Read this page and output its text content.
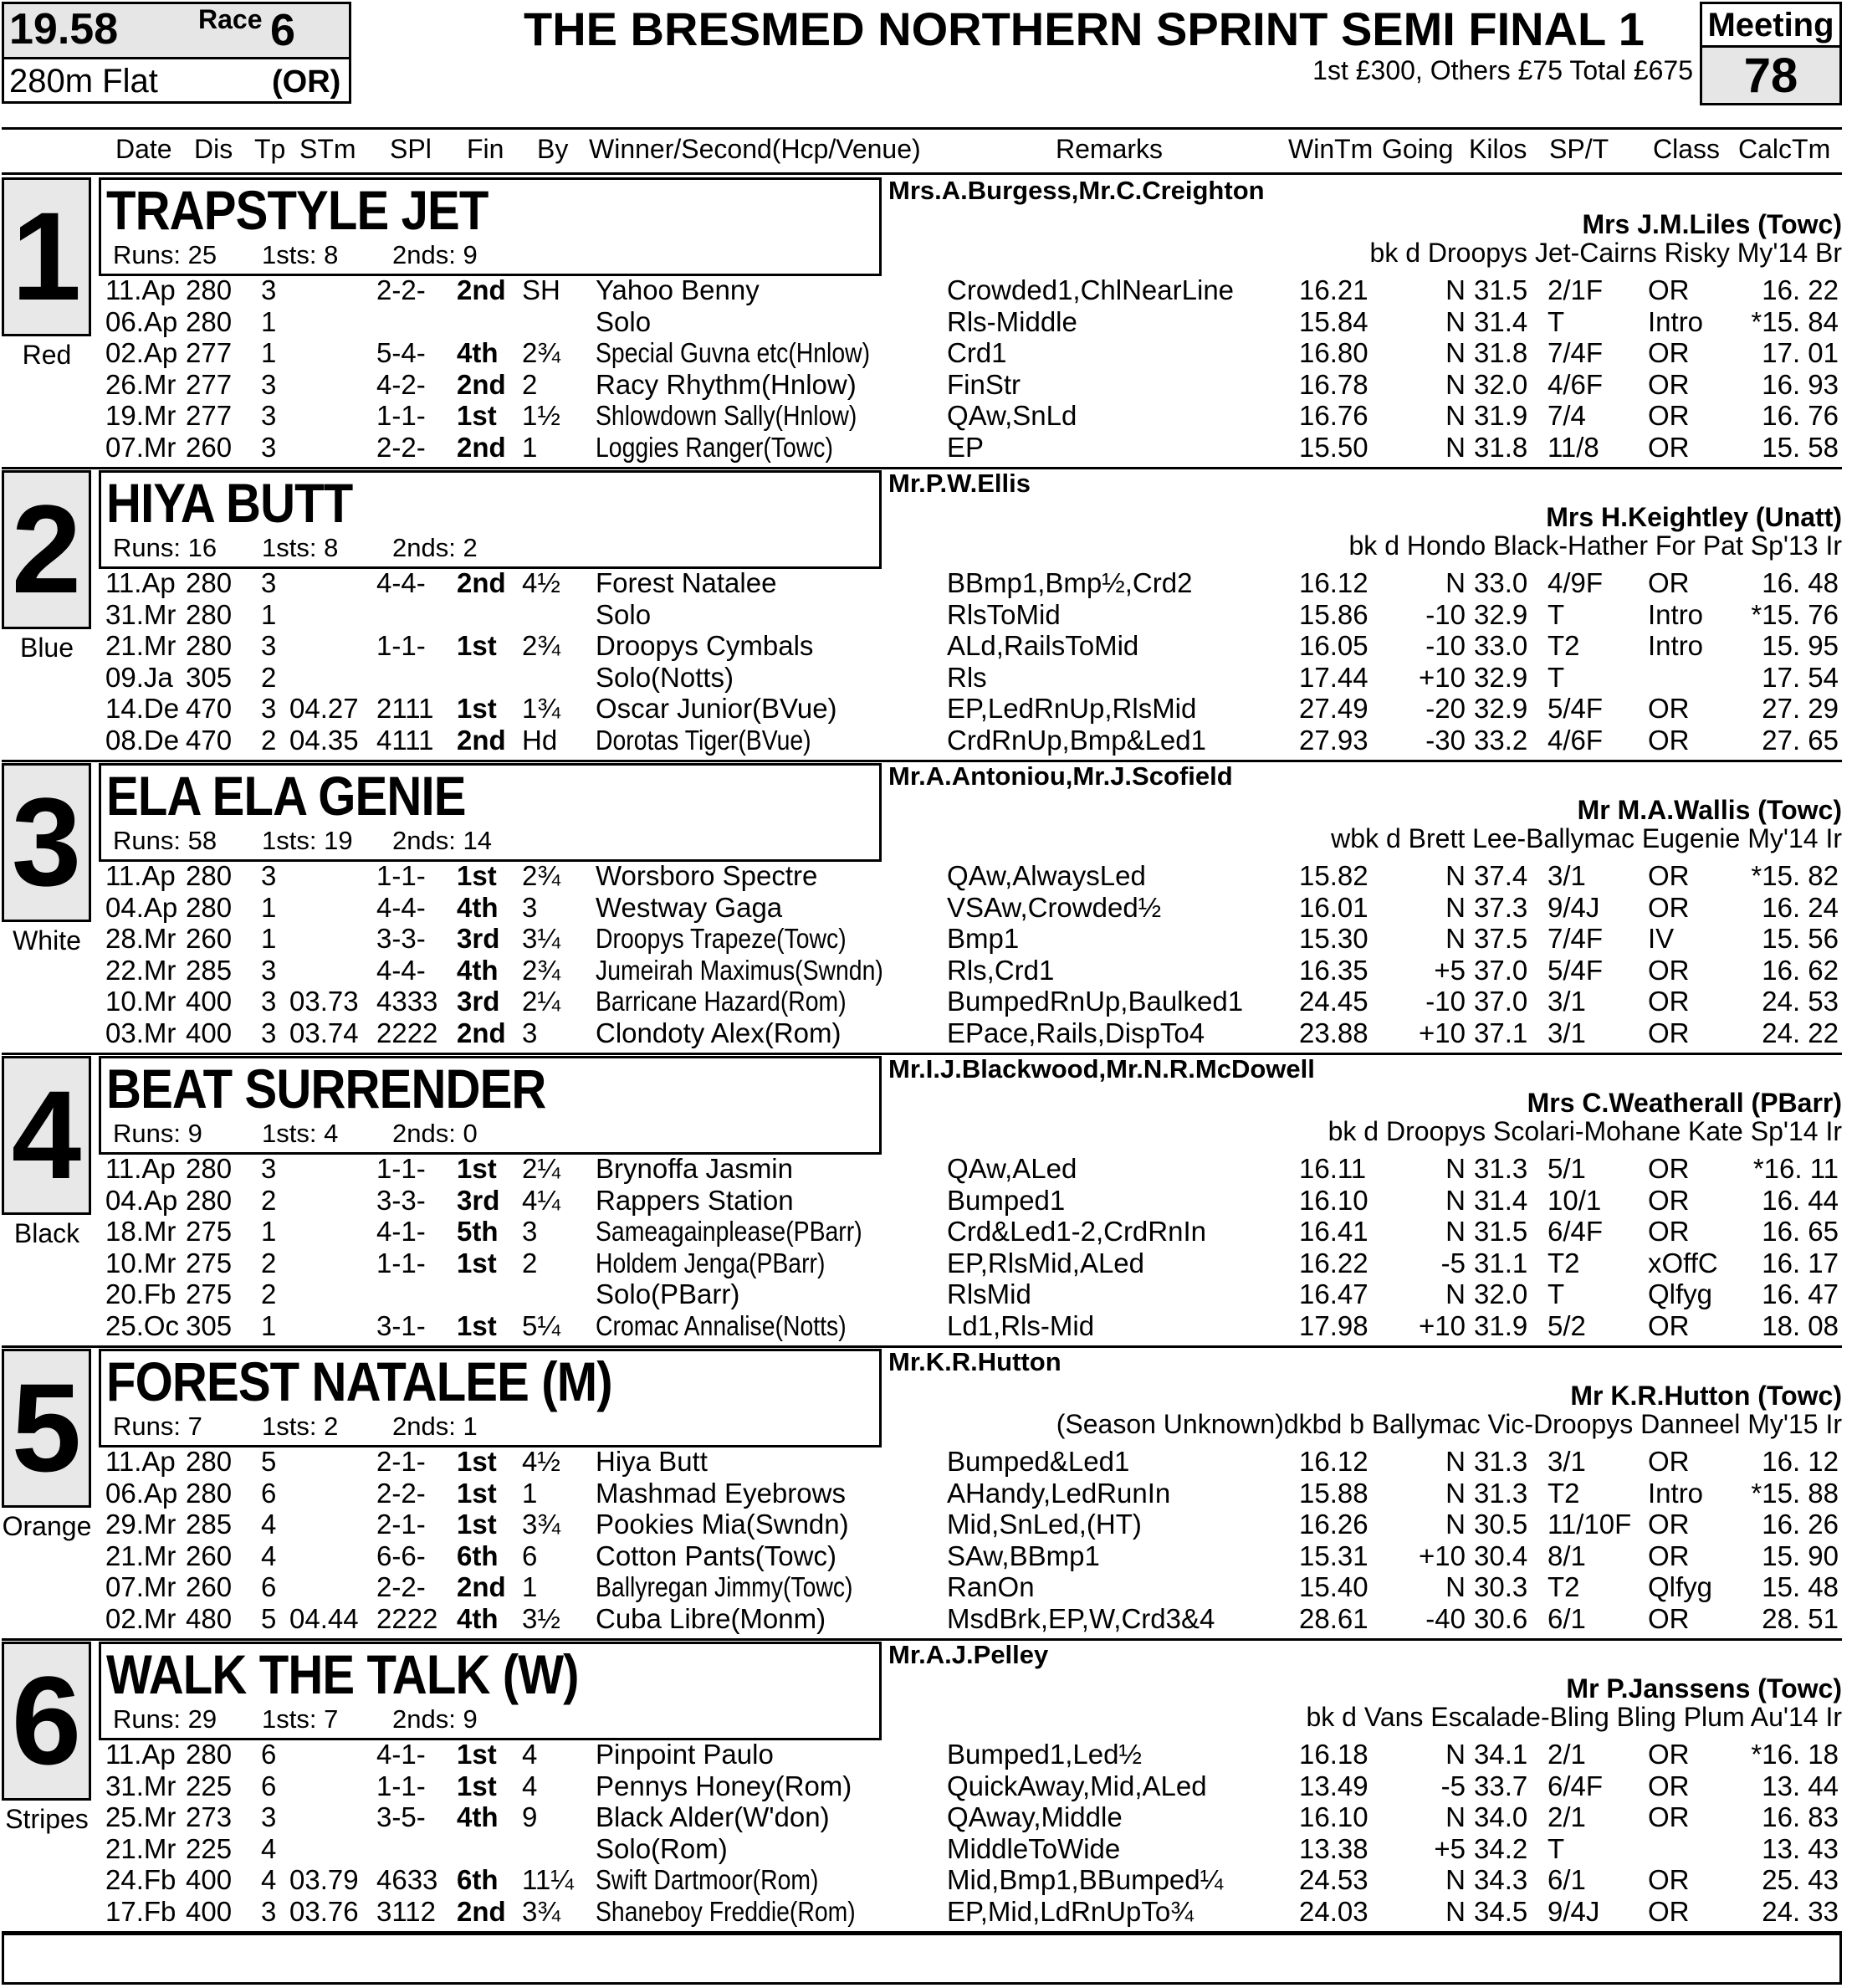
19.58	Race 6
280m Flat	(OR)
THE BRESMED NORTHERN SPRINT SEMI FINAL 1
1st £300, Others £75 Total £675
Meeting
78
Date Dis Tp STm SPl Fin By Winner/Second(Hcp/Venue)	Remarks	WinTm Going Kilos SP/T Class CalcTm
1
Red
TRAPSTYLE JET
Runs: 25 1sts: 8 2nds: 9
Mrs.A.Burgess,Mr.C.Creighton
Mrs J.M.Liles (Towc)
bk d Droopys Jet-Cairns Risky My'14 Br
11.Ap 280 3	2-2- 2nd SH Yahoo Benny	Crowded1,ChlNearLine 16.21	N 31.5 2/1F OR	16. 22
06.Ap 280 1	Solo	Rls-Middle	15.84	N 31.4 T	Intro *15. 84
02.Ap 277 1	5-4- 4th 2¾ Special Guvna etc(Hnlow)	Crd1	16.80	N 31.8 7/4F OR	17. 01
26.Mr 277 3	4-2- 2nd 2 Racy Rhythm(Hnlow)	FinStr	16.78	N 32.0 4/6F OR	16. 93
19.Mr 277 3	1-1- 1st 1½ Shlowdown Sally(Hnlow)	QAw,SnLd	16.76	N 31.9 7/4 OR	16. 76
07.Mr 260 3	2-2- 2nd 1 Loggies Ranger(Towc)	EP	15.50	N 31.8 11/8 OR	15. 58
2
Blue
HIYA BUTT
Runs: 16 1sts: 8 2nds: 2
Mr.P.W.Ellis
Mrs H.Keightley (Unatt)
bk d Hondo Black-Hather For Pat Sp'13 Ir
11.Ap 280 3	4-4- 2nd 4½ Forest Natalee	BBmp1,Bmp½,Crd2	16.12	N 33.0 4/9F OR	16. 48
31.Mr 280 1	Solo	RlsToMid	15.86	-10 32.9 T	Intro *15. 76
21.Mr 280 3	1-1- 1st 2¾ Droopys Cymbals	ALd,RailsToMid	16.05	-10 33.0 T2 Intro	15. 95
09.Ja 305 2	Solo(Notts)	Rls	17.44	+10 32.9 T	17. 54
14.De 470 3 04.27 2111 1st 1¾ Oscar Junior(BVue)	EP,LedRnUp,RlsMid	27.49	-20 32.9 5/4F OR	27. 29
08.De 470 2 04.35 4111 2nd Hd Dorotas Tiger(BVue)	CrdRnUp,Bmp&Led1	27.93	-30 33.2 4/6F OR	27. 65
3
White
ELA ELA GENIE
Runs: 58 1sts: 19 2nds: 14
Mr.A.Antoniou,Mr.J.Scofield
Mr M.A.Wallis (Towc)
wbk d Brett Lee-Ballymac Eugenie My'14 Ir
11.Ap 280 3	1-1- 1st 2¾ Worsboro Spectre	QAw,AlwaysLed	15.82	N 37.4 3/1 OR *15. 82
04.Ap 280 1	4-4- 4th 3 Westway Gaga	VSAw,Crowded½	16.01	N 37.3 9/4J OR	16. 24
28.Mr 260 1	3-3- 3rd 3¼ Droopys Trapeze(Towc)	Bmp1	15.30	N 37.5 7/4F IV	15. 56
22.Mr 285 3	4-4- 4th 2¾ Jumeirah Maximus(Swndn) Rls,Crd1	16.35	+5 37.0 5/4F OR	16. 62
10.Mr 400 3 03.73 4333 3rd 2¼ Barricane Hazard(Rom)	BumpedRnUp,Baulked1 24.45	-10 37.0 3/1 OR	24. 53
03.Mr 400 3 03.74 2222 2nd 3 Clondoty Alex(Rom)	EPace,Rails,DispTo4	23.88	+10 37.1 3/1 OR	24. 22
4
Black
BEAT SURRENDER
Runs: 9 1sts: 4 2nds: 0
Mr.I.J.Blackwood,Mr.N.R.McDowell
Mrs C.Weatherall (PBarr)
bk d Droopys Scolari-Mohane Kate Sp'14 Ir
11.Ap 280 3	1-1- 1st 2¼ Brynoffa Jasmin	QAw,ALed	16.11	N 31.3 5/1 OR *16. 11
04.Ap 280 2	3-3- 3rd 4¼ Rappers Station	Bumped1	16.10	N 31.4 10/1 OR	16. 44
18.Mr 275 1	4-1- 5th 3 Sameagainplease(PBarr)	Crd&Led1-2,CrdRnIn	16.41	N 31.5 6/4F OR	16. 65
10.Mr 275 2	1-1- 1st 2 Holdem Jenga(PBarr)	EP,RlsMid,ALed	16.22	-5 31.1 T2 xOffC	16. 17
20.Fb 275 2	Solo(PBarr)	RlsMid	16.47	N 32.0 T	Qlfyg	16. 47
25.Oc 305 1	3-1- 1st 5¼ Cromac Annalise(Notts)	Ld1,Rls-Mid	17.98	+10 31.9 5/2 OR	18. 08
5
Orange
FOREST NATALEE (M)
Runs: 7 1sts: 2 2nds: 1
Mr.K.R.Hutton
Mr K.R.Hutton (Towc)
(Season Unknown)dkbd b Ballymac Vic-Droopys Danneel My'15 Ir
11.Ap 280 5	2-1- 1st 4½ Hiya Butt	Bumped&Led1	16.12	N 31.3 3/1 OR	16. 12
06.Ap 280 6	2-2- 1st 1 Mashmad Eyebrows	AHandy,LedRunIn	15.88	N 31.3 T2 Intro *15. 88
29.Mr 285 4	2-1- 1st 3¾ Pookies Mia(Swndn)	Mid,SnLed,(HT)	16.26	N 30.5 11/10F OR	16. 26
21.Mr 260 4	6-6- 6th 6 Cotton Pants(Towc)	SAw,BBmp1	15.31	+10 30.4 8/1 OR	15. 90
07.Mr 260 6	2-2- 2nd 1 Ballyregan Jimmy(Towc)	RanOn	15.40	N 30.3 T2 Qlfyg	15. 48
02.Mr 480 5 04.44 2222 4th 3½ Cuba Libre(Monm)	MsdBrk,EP,W,Crd3&4	28.61	-40 30.6 6/1 OR	28. 51
6
Stripes
WALK THE TALK (W)
Runs: 29 1sts: 7 2nds: 9
Mr.A.J.Pelley
Mr P.Janssens (Towc)
bk d Vans Escalade-Bling Bling Plum Au'14 Ir
11.Ap 280 6	4-1- 1st 4 Pinpoint Paulo	Bumped1,Led½	16.18	N 34.1 2/1 OR *16. 18
31.Mr 225 6	1-1- 1st 4 Pennys Honey(Rom)	QuickAway,Mid,ALed	13.49	-5 33.7 6/4F OR	13. 44
25.Mr 273 3	3-5- 4th 9 Black Alder(W'don)	QAway,Middle	16.10	N 34.0 2/1 OR	16. 83
21.Mr 225 4	Solo(Rom)	MiddleToWide	13.38	+5 34.2 T	13. 43
24.Fb 400 4 03.79 4633 6th 11¼ Swift Dartmoor(Rom)	Mid,Bmp1,BBumped¼	24.53	N 34.3 6/1 OR	25. 43
17.Fb 400 3 03.76 3112 2nd 3¾ Shaneboy Freddie(Rom)	EP,Mid,LdRnUpTo¾	24.03	N 34.5 9/4J OR	24. 33
